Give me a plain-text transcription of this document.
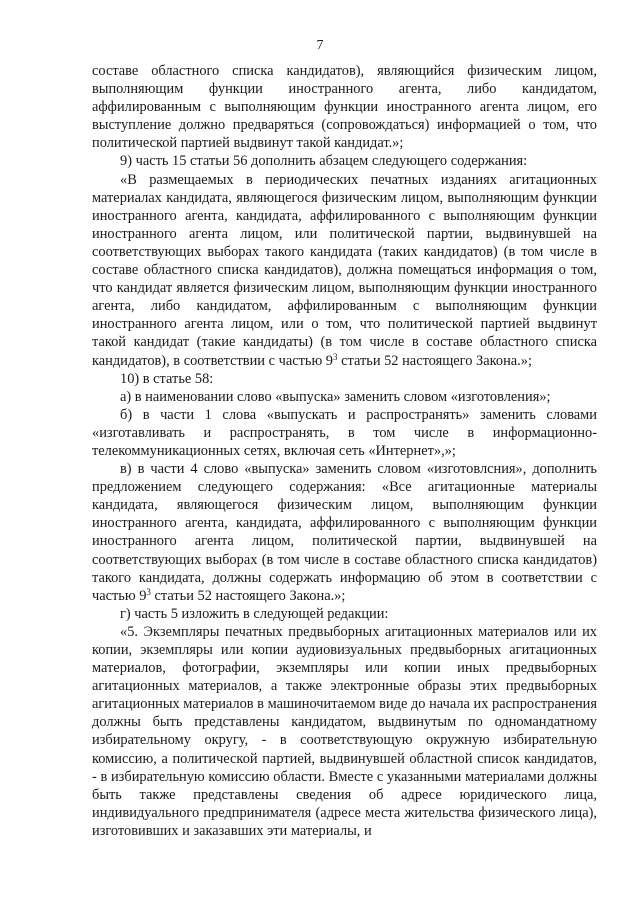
7

составе областного списка кандидатов), являющийся физическим лицом, выполняющим функции иностранного агента, либо кандидатом, аффилированным с выполняющим функции иностранного агента лицом, его выступление должно предваряться (сопровождаться) информацией о том, что политической партией выдвинут такой кандидат.»;

9) часть 15 статьи 56 дополнить абзацем следующего содержания:

«В размещаемых в периодических печатных изданиях агитационных материалах кандидата, являющегося физическим лицом, выполняющим функции иностранного агента, кандидата, аффилированного с выполняющим функции иностранного агента лицом, или политической партии, выдвинувшей на соответствующих выборах такого кандидата (таких кандидатов) (в том числе в составе областного списка кандидатов), должна помещаться информация о том, что кандидат является физическим лицом, выполняющим функции иностранного агента, либо кандидатом, аффилированным с выполняющим функции иностранного агента лицом, или о том, что политической партией выдвинут такой кандидат (такие кандидаты) (в том числе в составе областного списка кандидатов), в соответствии с частью $9^3$ статьи 52 настоящего Закона.»;

10) в статье 58:

а) в наименовании слово «выпуска» заменить словом «изготовления»;

б) в части 1 слова «выпускать и распространять» заменить словами «изготавливать и распространять, в том числе в информационно-телекоммуникационных сетях, включая сеть «Интернет»,»;

в) в части 4 слово «выпуска» заменить словом «изготовлсния», дополнить предложением следующего содержания: «Все агитационные материалы кандидата, являющегося физическим лицом, выполняющим функции иностранного агента, кандидата, аффилированного с выполняющим функции иностранного агента лицом, политической партии, выдвинувшей на соответствующих выборах (в том числе в составе областного списка кандидатов) такого кандидата, должны содержать информацию об этом в соответствии с частью $9^3$ статьи 52 настоящего Закона.»;

г) часть 5 изложить в следующей редакции:

«5. Экземпляры печатных предвыборных агитационных материалов или их копии, экземпляры или копии аудиовизуальных предвыборных агитационных материалов, фотографии, экземпляры или копии иных предвыборных агитационных материалов, а также электронные образы этих предвыборных агитационных материалов в машиночитаемом виде до начала их распространения должны быть представлены кандидатом, выдвинутым по одномандатному избирательному округу, - в соответствующую окружную избирательную комиссию, а политической партией, выдвинувшей областной список кандидатов, - в избирательную комиссию области. Вместе с указанными материалами должны быть также представлены сведения об адресе юридического лица, индивидуального предпринимателя (адресе места жительства физического лица), изготовивших и заказавших эти материалы, и
